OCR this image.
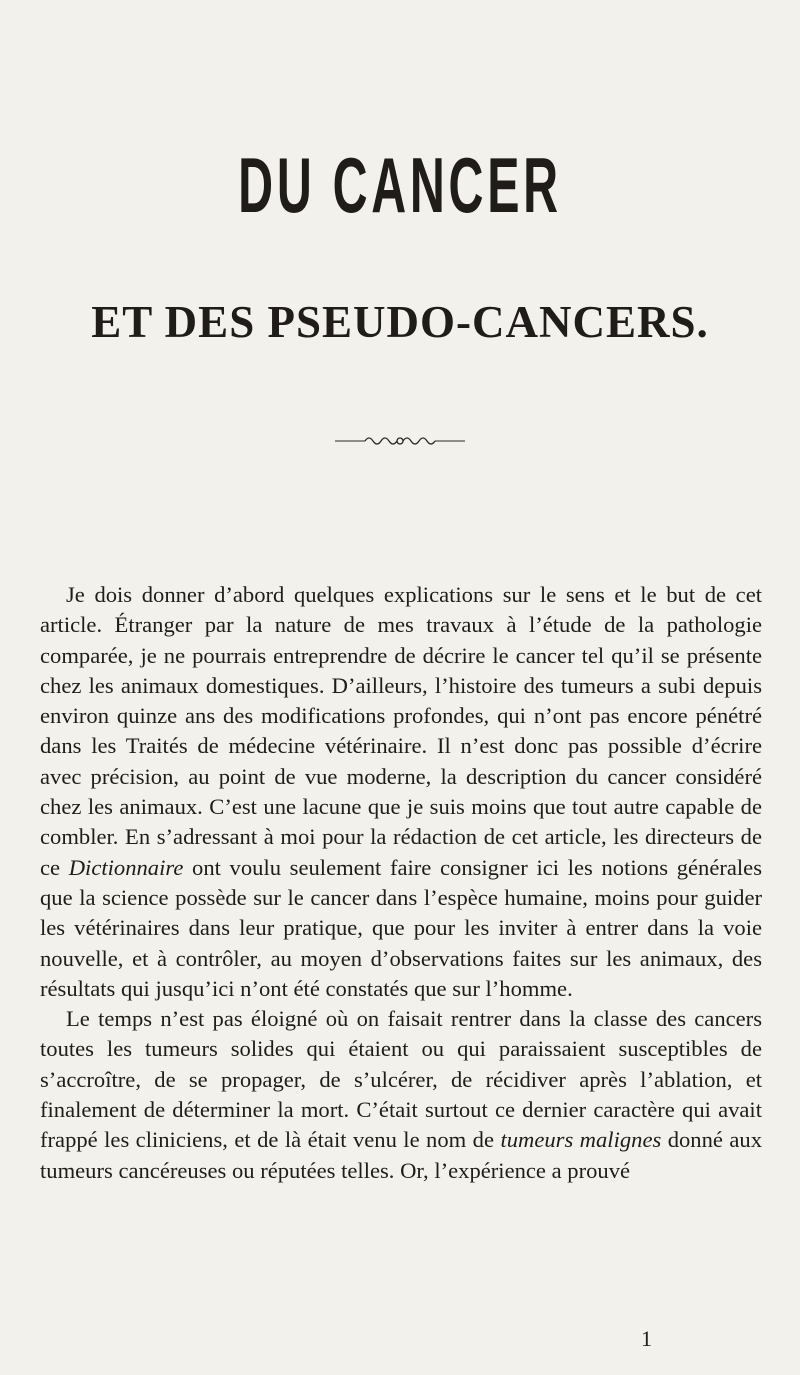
DU CANCER
ET DES PSEUDO-CANCERS.

Je dois donner d’abord quelques explications sur le sens et le but de cet article. Étranger par la nature de mes travaux à l’étude de la pathologie comparée, je ne pourrais entreprendre de décrire le cancer tel qu’il se présente chez les animaux domestiques. D’ailleurs, l’histoire des tumeurs a subi depuis environ quinze ans des modifications profondes, qui n’ont pas encore pénétré dans les Traités de médecine vétérinaire. Il n’est donc pas possible d’écrire avec précision, au point de vue moderne, la description du cancer considéré chez les animaux. C’est une lacune que je suis moins que tout autre capable de combler. En s’adressant à moi pour la rédaction de cet article, les directeurs de ce Dictionnaire ont voulu seulement faire consigner ici les notions générales que la science possède sur le cancer dans l’espèce humaine, moins pour guider les vétérinaires dans leur pratique, que pour les inviter à entrer dans la voie nouvelle, et à contrôler, au moyen d’observations faites sur les animaux, des résultats qui jusqu’ici n’ont été constatés que sur l’homme.

Le temps n’est pas éloigné où on faisait rentrer dans la classe des cancers toutes les tumeurs solides qui étaient ou qui paraissaient susceptibles de s’accroître, de se propager, de s’ulcérer, de récidiver après l’ablation, et finalement de déterminer la mort. C’était surtout ce dernier caractère qui avait frappé les cliniciens, et de là était venu le nom de tumeurs malignes donné aux tumeurs cancéreuses ou réputées telles. Or, l’expérience a prouvé

1
